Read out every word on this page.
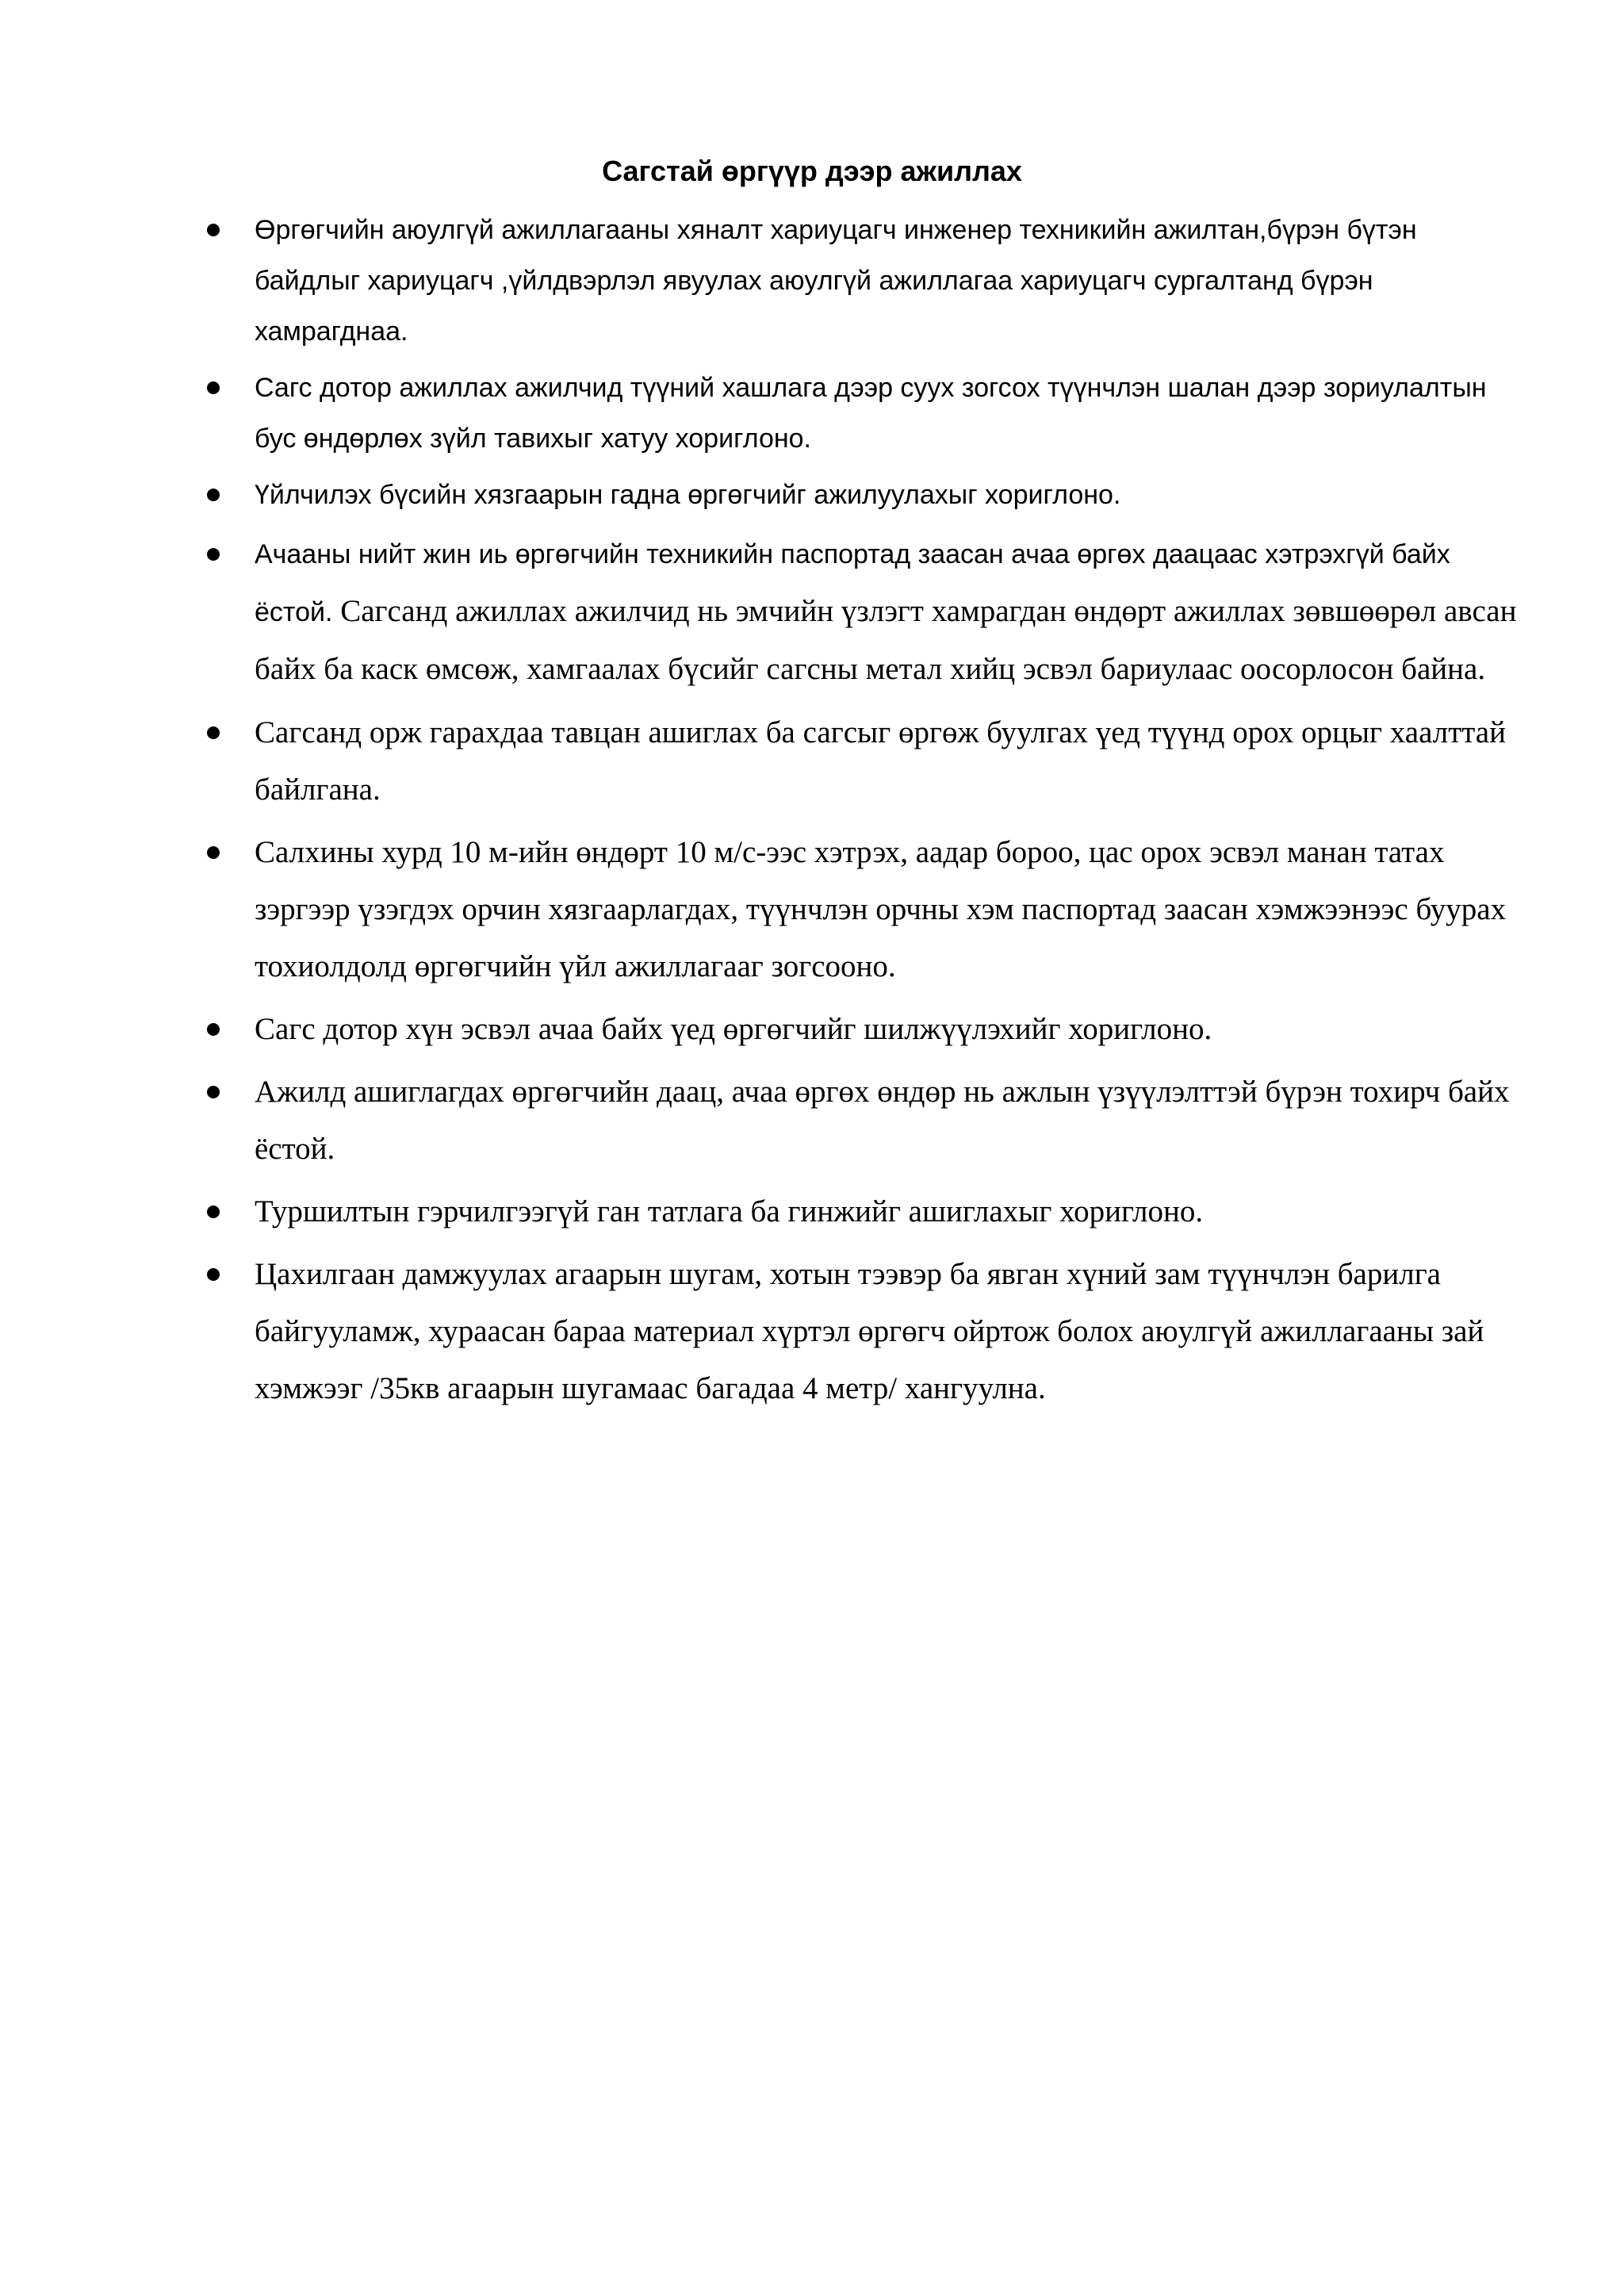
Сагстай өргүүр дээр ажиллах
Өргөгчийн аюулгүй ажиллагааны хяналт хариуцагч инженер техникийн ажилтан,бүрэн бүтэн байдлыг хариуцагч ,үйлдвэрлэл явуулах аюулгүй ажиллагаа хариуцагч сургалтанд бүрэн хамрагднаа.
Сагс дотор ажиллах ажилчид түүний хашлага дээр суух зогсох түүнчлэн шалан дээр зориулалтын бус өндөрлөх зүйл тавихыг хатуу хориглоно.
Үйлчилэх бүсийн хязгаарын гадна өргөгчийг ажилуулахыг хориглоно.
Ачааны нийт жин иь өргөгчийн техникийн паспортад заасан ачаа өргөх даацаас хэтрэхгүй байх ёстой. Сагсанд ажиллах ажилчид нь эмчийн үзлэгт хамрагдан өндөрт ажиллах зөвшөөрөл авсан байх ба каск өмсөж, хамгаалах бүсийг сагсны метал хийц эсвэл бариулаас оосорлосон байна.
Сагсанд орж гарахдаа тавцан ашиглах ба сагсыг өргөж буулгах үед түүнд орох орцыг хаалттай байлгана.
Салхины хурд 10 м-ийн өндөрт 10 м/с-ээс хэтрэх, аадар бороо, цас орох эсвэл манан татах зэргээр үзэгдэх орчин хязгаарлагдах, түүнчлэн орчны хэм паспортад заасан хэмжээнээс буурах тохиолдолд өргөгчийн үйл ажиллагааг зогсооно.
Сагс дотор хүн эсвэл ачаа байх үед өргөгчийг шилжүүлэхийг хориглоно.
Ажилд ашиглагдах өргөгчийн даац, ачаа өргөх өндөр нь ажлын үзүүлэлттэй бүрэн тохирч байх ёстой.
Туршилтын гэрчилгээгүй ган татлага ба гинжийг ашиглахыг хориглоно.
Цахилгаан дамжуулах агаарын шугам, хотын тээвэр ба явган хүний зам түүнчлэн барилга байгууламж, хураасан бараа материал хүртэл өргөгч ойртож болох аюулгүй ажиллагааны зай хэмжээг /35кв агаарын шугамаас багадаа 4 метр/ хангуулна.
